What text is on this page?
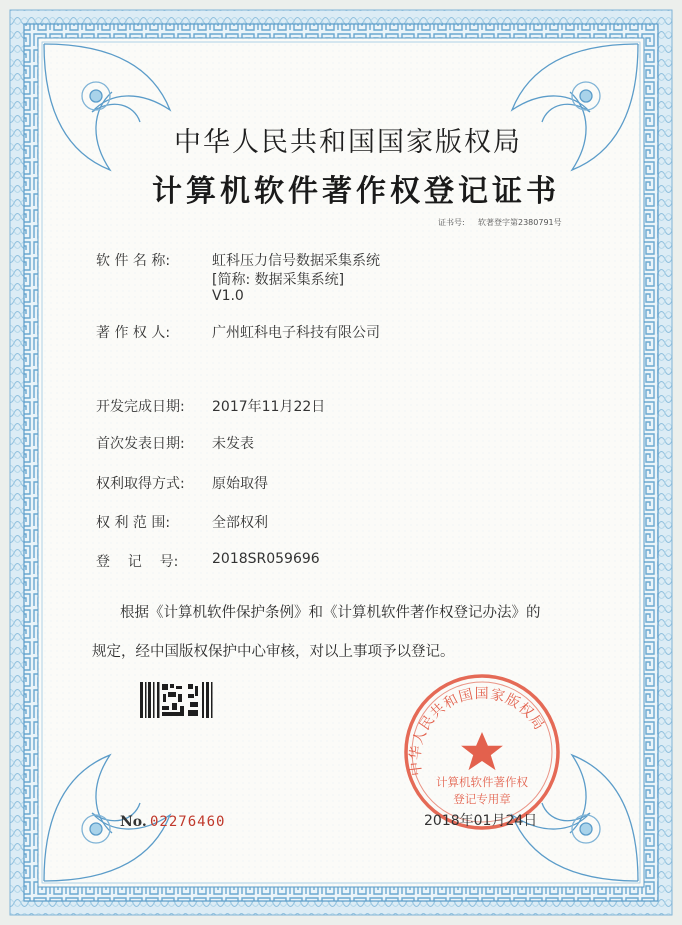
中华人民共和国国家版权局
计算机软件著作权登记证书
证书号: 软著登字第2380791号
软 件 名 称:	虹科压力信号数据采集系统
[简称: 数据采集系统]
V1.0
著 作 权 人:	广州虹科电子科技有限公司
开发完成日期: 2017年11月22日
首次发表日期: 未发表
权利取得方式: 原始取得
权 利 范 围:	全部权利
登    记    号: 2018SR059696
根据《计算机软件保护条例》和《计算机软件著作权登记办法》的
规定，经中国版权保护中心审核，对以上事项予以登记。
No. 02276460	2018年01月24日
中华人民共和国国家版权局
计算机软件著作权
登记专用章
